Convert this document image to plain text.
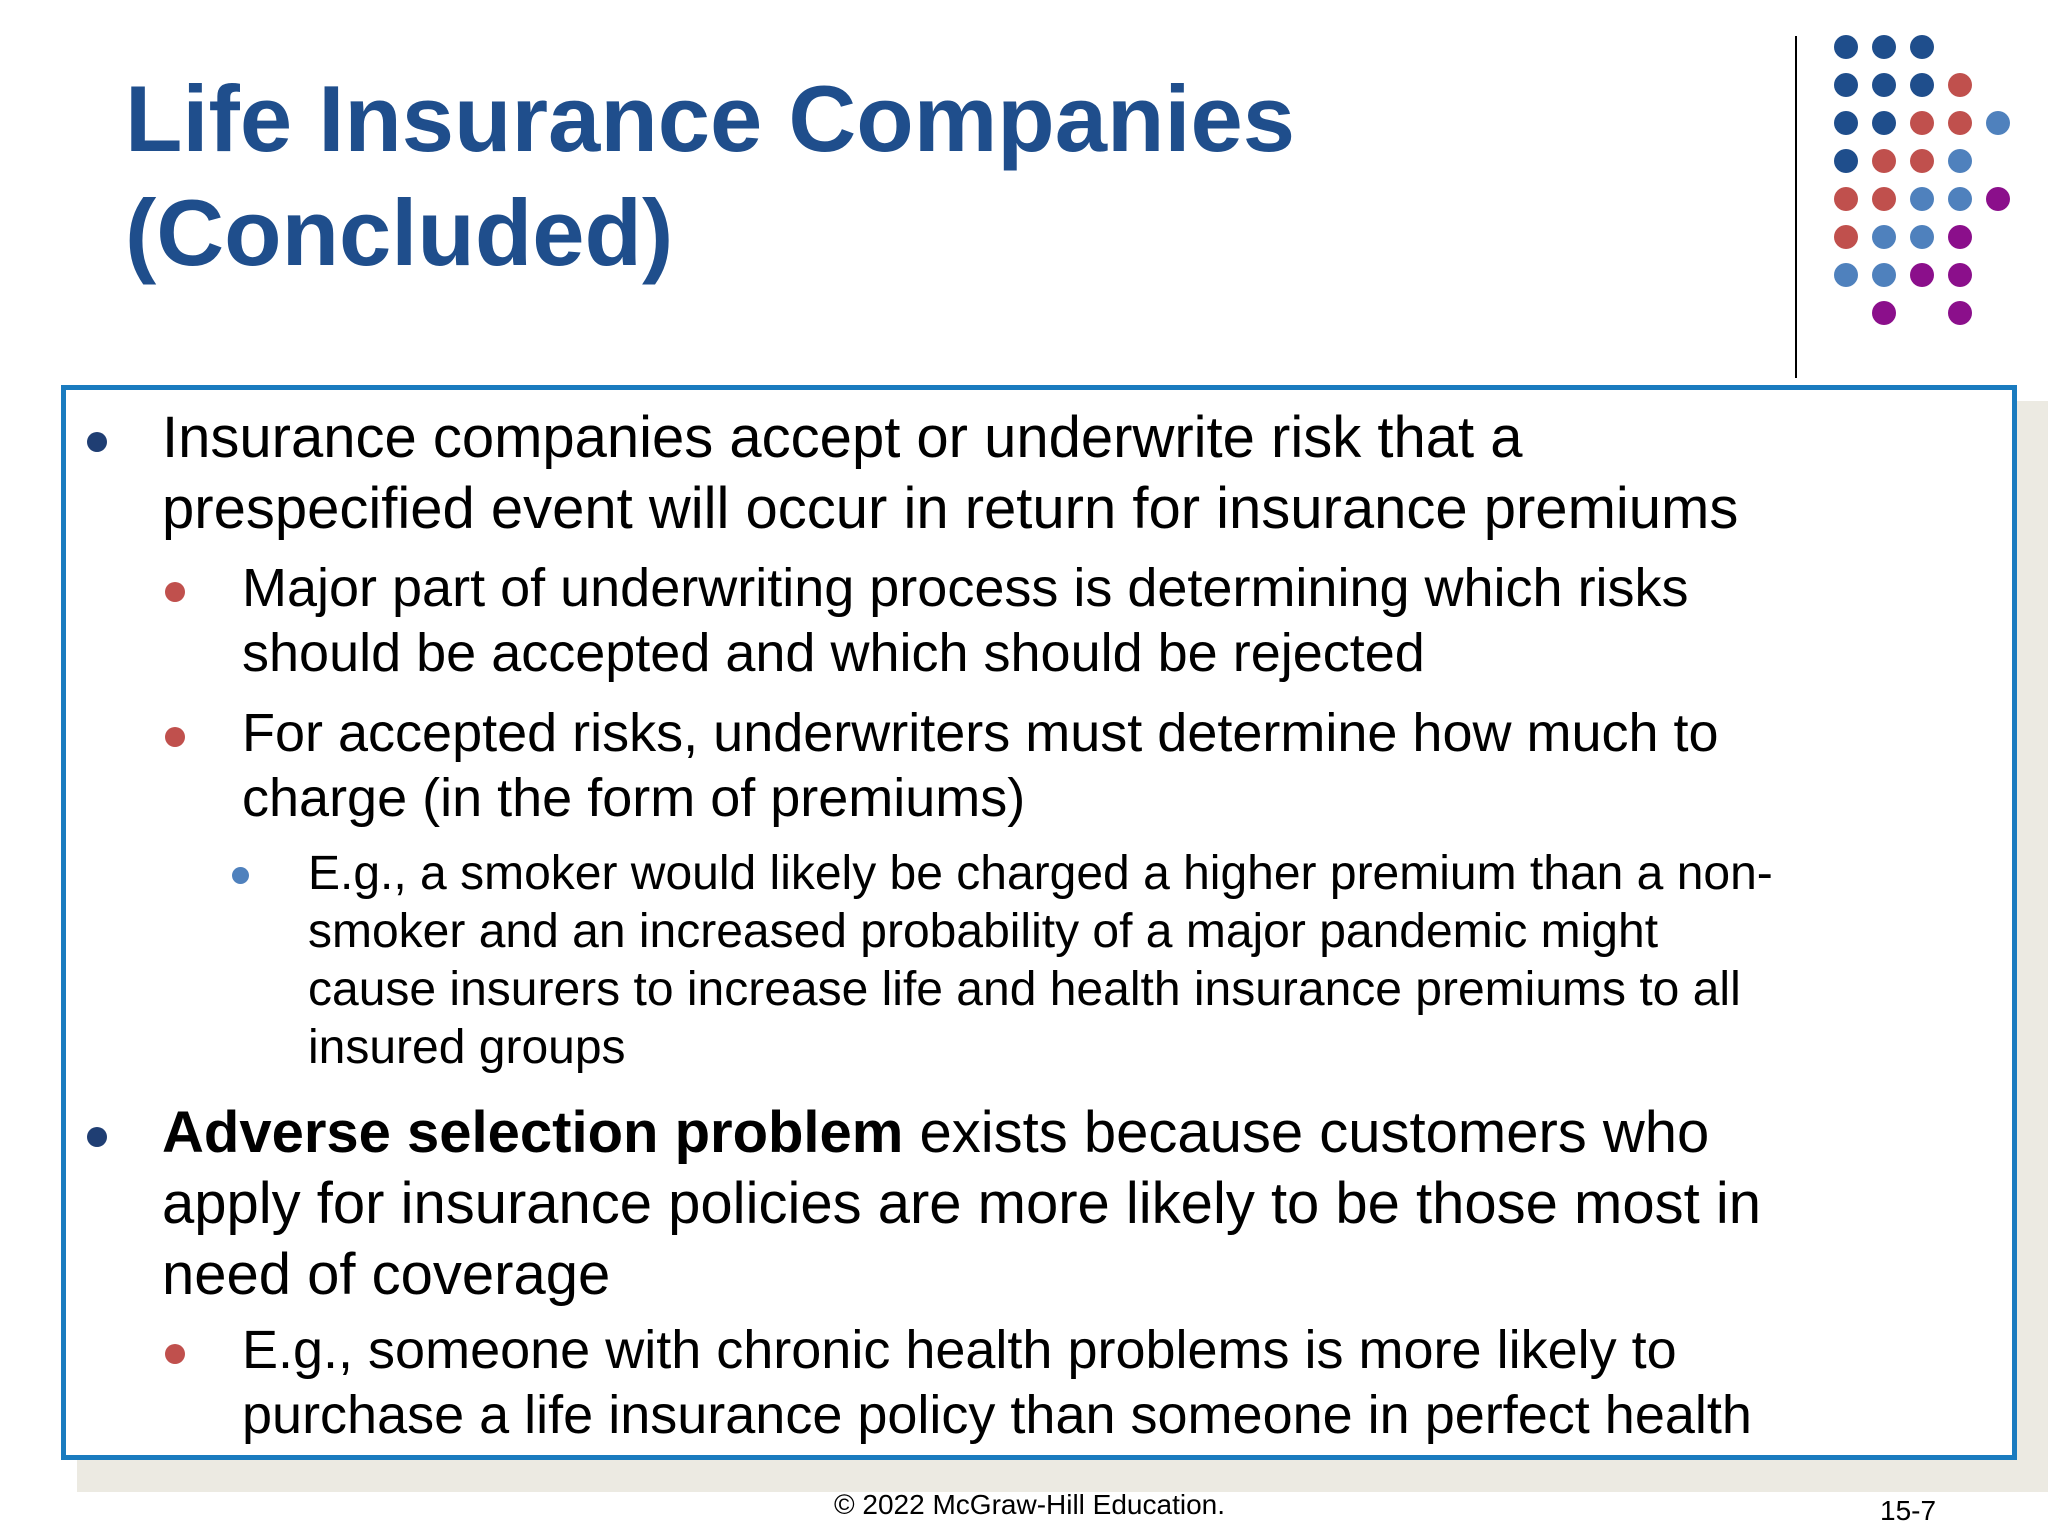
Life Insurance Companies
(Concluded)
Insurance companies accept or underwrite risk that a
prespecified event will occur in return for insurance premiums
Major part of underwriting process is determining which risks
should be accepted and which should be rejected
For accepted risks, underwriters must determine how much to
charge (in the form of premiums)
E.g., a smoker would likely be charged a higher premium than a non-
smoker and an increased probability of a major pandemic might
cause insurers to increase life and health insurance premiums to all
insured groups
Adverse selection problem exists because customers who
apply for insurance policies are more likely to be those most in
need of coverage
E.g., someone with chronic health problems is more likely to
purchase a life insurance policy than someone in perfect health
© 2022 McGraw-Hill Education.	15-7
